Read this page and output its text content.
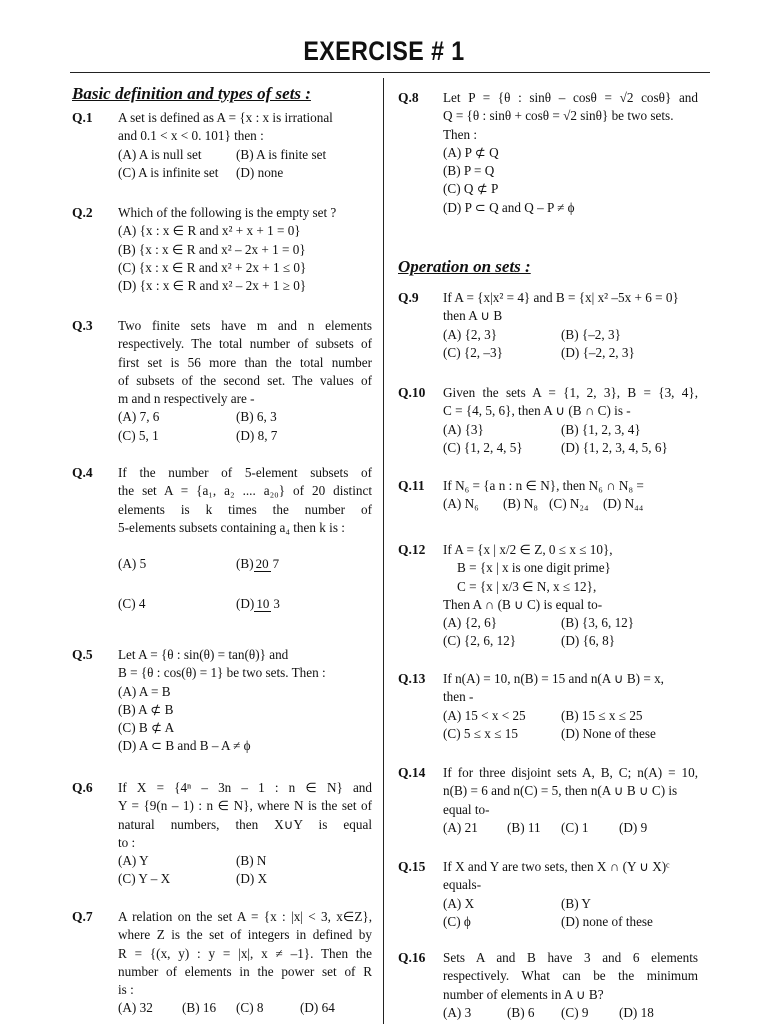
EXERCISE # 1
Basic definition and types of sets :
Q.1 A set is defined as A = {x : x is irrational
and 0.1 < x < 0. 101} then :
(A) A is null set	(B) A is finite set
(C) A is infinite set	(D) none
Q.2 Which of the following is the empty set ?
(A) {x : x ∈ R and x² + x + 1 = 0}
(B) {x : x ∈ R and x² – 2x + 1 = 0}
(C) {x : x ∈ R and x² + 2x + 1 ≤ 0}
(D) {x : x ∈ R and x² – 2x + 1 ≥ 0}
Q.3 Two finite sets have m and n elements
respectively. The total number of subsets of
first set is 56 more than the total number
of subsets of the second set. The values of
m and n respectively are -
(A) 7, 6	(B) 6, 3
(C) 5, 1	(D) 8, 7
Q.4 If the number of 5-element subsets of
the set A = {a₁, a₂ .... a₂₀} of 20 distinct
elements is k times the number of
5-elements subsets containing a₄ then k is :
(A) 5	(B) 20 7
(C) 4	(D) 10 3
Q.5 Let A = {θ : sin(θ) = tan(θ)} and
B = {θ : cos(θ) = 1} be two sets. Then :
(A) A = B
(B) A ⊄ B
(C) B ⊄ A
(D) A ⊂ B and B – A ≠ ϕ
Q.6 If X = {4ⁿ – 3n – 1 : n ∈ N} and
Y = {9(n – 1) : n ∈ N}, where N is the set of
natural numbers, then X∪Y is equal
to :
(A) Y	(B) N
(C) Y – X	(D) X
Q.7 A relation on the set A = {x : |x| < 3, x∈Z},
where Z is the set of integers in defined by
R = {(x, y) : y = |x|, x ≠ –1}. Then the
number of elements in the power set of R
is :
(A) 32	(B) 16	(C) 8	(D) 64
Q.8 Let P = {θ : sinθ – cosθ = √2 cosθ} and
Q = {θ : sinθ + cosθ = √2 sinθ} be two sets.
Then :
(A) P ⊄ Q
(B) P = Q
(C) Q ⊄ P
(D) P ⊂ Q and Q – P ≠ ϕ
Operation on sets :
Q.9 If A = {x|x² = 4} and B = {x| x² –5x + 6 = 0}
then A ∪ B
(A) {2, 3}	(B) {–2, 3}
(C) {2, –3}	(D) {–2, 2, 3}
Q.10 Given the sets A = {1, 2, 3}, B = {3, 4},
C = {4, 5, 6}, then A ∪ (B ∩ C) is -
(A) {3}	(B) {1, 2, 3, 4}
(C) {1, 2, 4, 5}	(D) {1, 2, 3, 4, 5, 6}
Q.11 If N₆ = {a n : n ∈ N}, then N₆ ∩ N₈ =
(A) N₆	(B) N₈ (C) N₂₄	(D) N₄₄
Q.12 If A = {x | x/2 ∈ Z, 0 ≤ x ≤ 10},
B = {x | x is one digit prime}
C = {x | x/3 ∈ N, x ≤ 12},
Then A ∩ (B ∪ C) is equal to-
(A) {2, 6}	(B) {3, 6, 12}
(C) {2, 6, 12}	(D) {6, 8}
Q.13 If n(A) = 10, n(B) = 15 and n(A ∪ B) = x,
then -
(A) 15 < x < 25	(B) 15 ≤ x ≤ 25
(C) 5 ≤ x ≤ 15	(D) None of these
Q.14 If for three disjoint sets A, B, C; n(A) = 10,
n(B) = 6 and n(C) = 5, then n(A ∪ B ∪ C) is
equal to-
(A) 21	(B) 11	(C) 1	(D) 9
Q.15 If X and Y are two sets, then X ∩ (Y ∪ X)ᶜ
equals-
(A) X	(B) Y
(C) ϕ	(D) none of these
Q.16 Sets A and B have 3 and 6 elements
respectively. What can be the minimum
number of elements in A ∪ B?
(A) 3	(B) 6	(C) 9	(D) 18
